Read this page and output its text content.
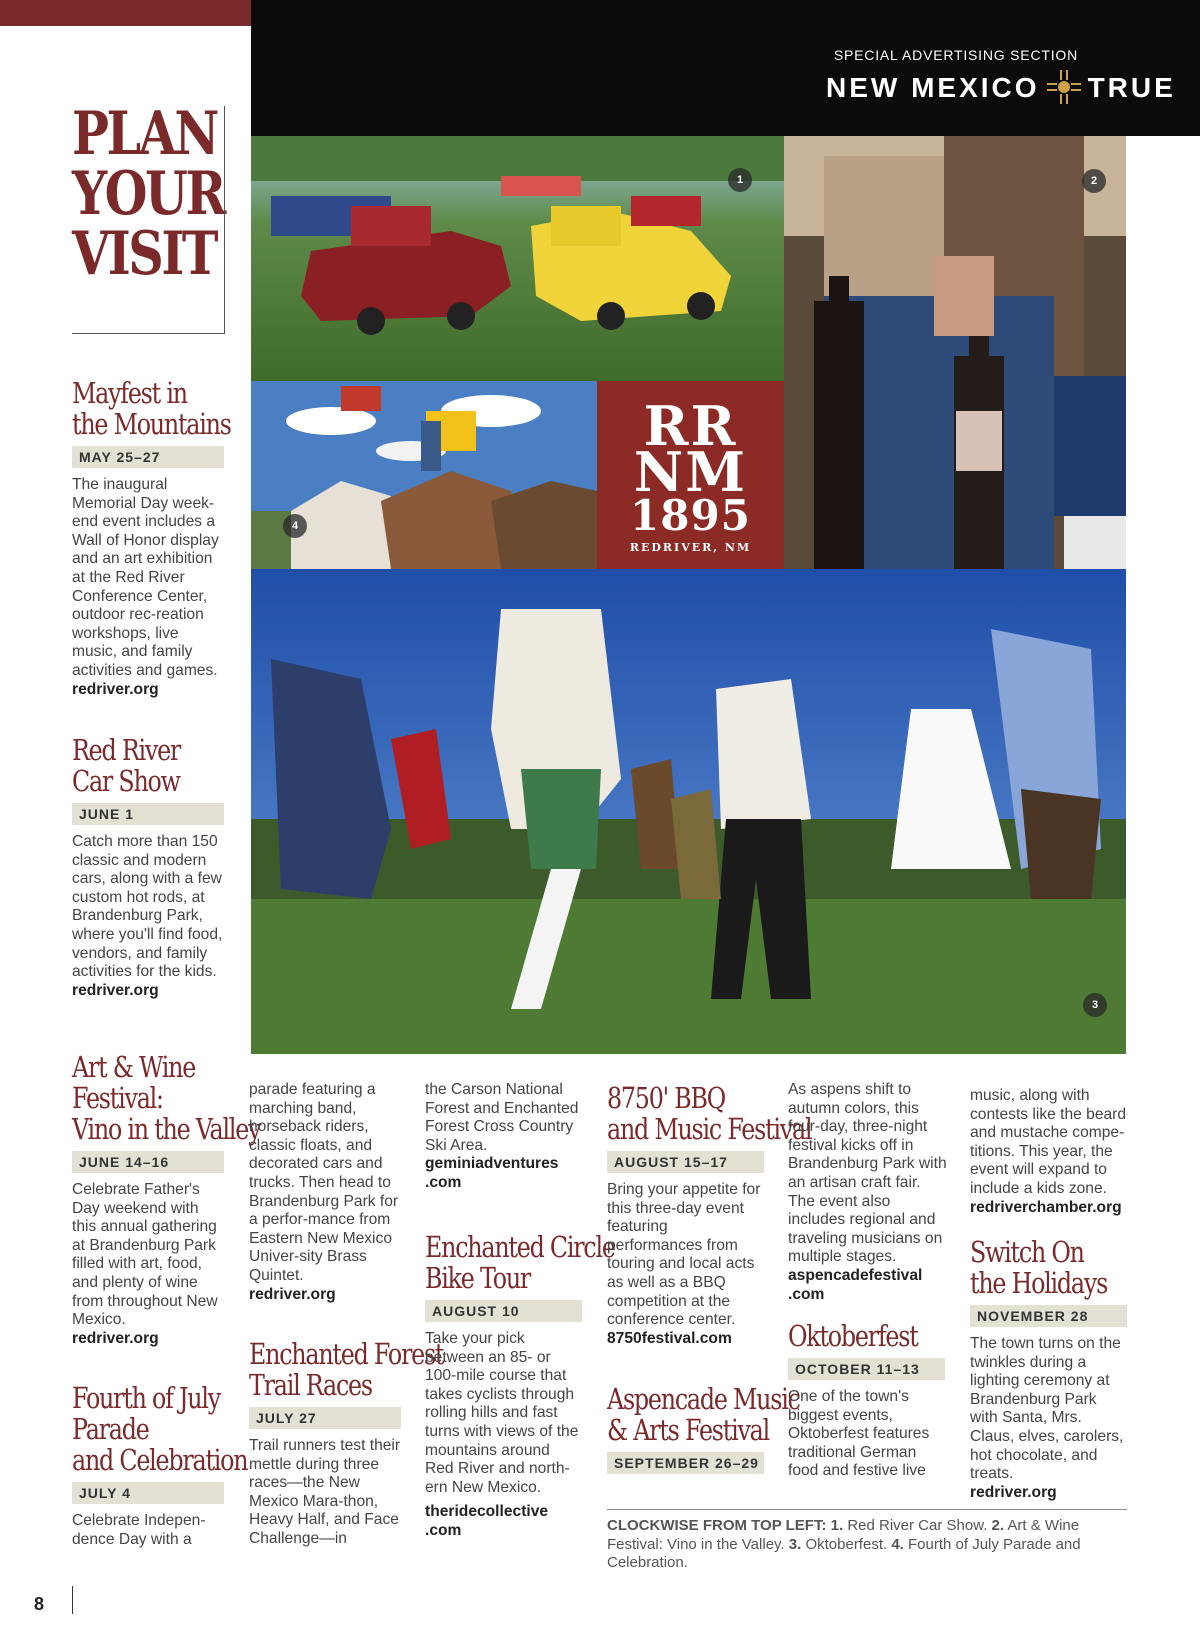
SPECIAL ADVERTISING SECTION
NEW MEXICO TRUE
PLAN
YOUR
VISIT
Mayfest in
the Mountains
MAY 25–27
The inaugural Memorial Day week-end event includes a Wall of Honor display and an art exhibition at the Red River Conference Center, outdoor rec-reation workshops, live music, and family activities and games. redriver.org
Red River
Car Show
JUNE 1
Catch more than 150 classic and modern cars, along with a few custom hot rods, at Brandenburg Park, where you'll find food, vendors, and family activities for the kids.
redriver.org
Art & Wine
Festival:
Vino in the Valley
JUNE 14–16
Celebrate Father's Day weekend with this annual gathering at Brandenburg Park filled with art, food, and plenty of wine from throughout New Mexico.
redriver.org
Fourth of July
Parade
and Celebration
JULY 4
Celebrate Indepen-dence Day with a
parade featuring a marching band, horseback riders, classic floats, and decorated cars and trucks. Then head to Brandenburg Park for a perfor-mance from Eastern New Mexico Univer-sity Brass Quintet.
redriver.org
Enchanted Forest
Trail Races
JULY 27
Trail runners test their mettle during three races—the New Mexico Mara-thon, Heavy Half, and Face Challenge—in
the Carson National Forest and Enchanted Forest Cross Country Ski Area.
geminiadventures
.com
Enchanted Circle
Bike Tour
AUGUST 10
Take your pick between an 85- or 100-mile course that takes cyclists through rolling hills and fast turns with views of the mountains around Red River and north-ern New Mexico.
theridecollective
.com
8750' BBQ
and Music Festival
AUGUST 15–17
Bring your appetite for this three-day event featuring performances from touring and local acts as well as a BBQ competition at the conference center.
8750festival.com
Aspencade Music
& Arts Festival
SEPTEMBER 26–29
As aspens shift to autumn colors, this four-day, three-night festival kicks off in Brandenburg Park with an artisan craft fair. The event also includes regional and traveling musicians on multiple stages.
aspencadefestival
.com
Oktoberfest
OCTOBER 11–13
One of the town's biggest events, Oktoberfest features traditional German food and festive live
music, along with contests like the beard and mustache compe-titions. This year, the event will expand to include a kids zone.
redriverchamber.org
Switch On
the Holidays
NOVEMBER 28
The town turns on the twinkles during a lighting ceremony at Brandenburg Park with Santa, Mrs. Claus, elves, carolers, hot chocolate, and treats.
redriver.org
CLOCKWISE FROM TOP LEFT: 1. Red River Car Show. 2. Art & Wine Festival: Vino in the Valley. 3. Oktoberfest. 4. Fourth of July Parade and Celebration.
8
1	2
4
RR
NM
1895
REDRIVER, NM
3
